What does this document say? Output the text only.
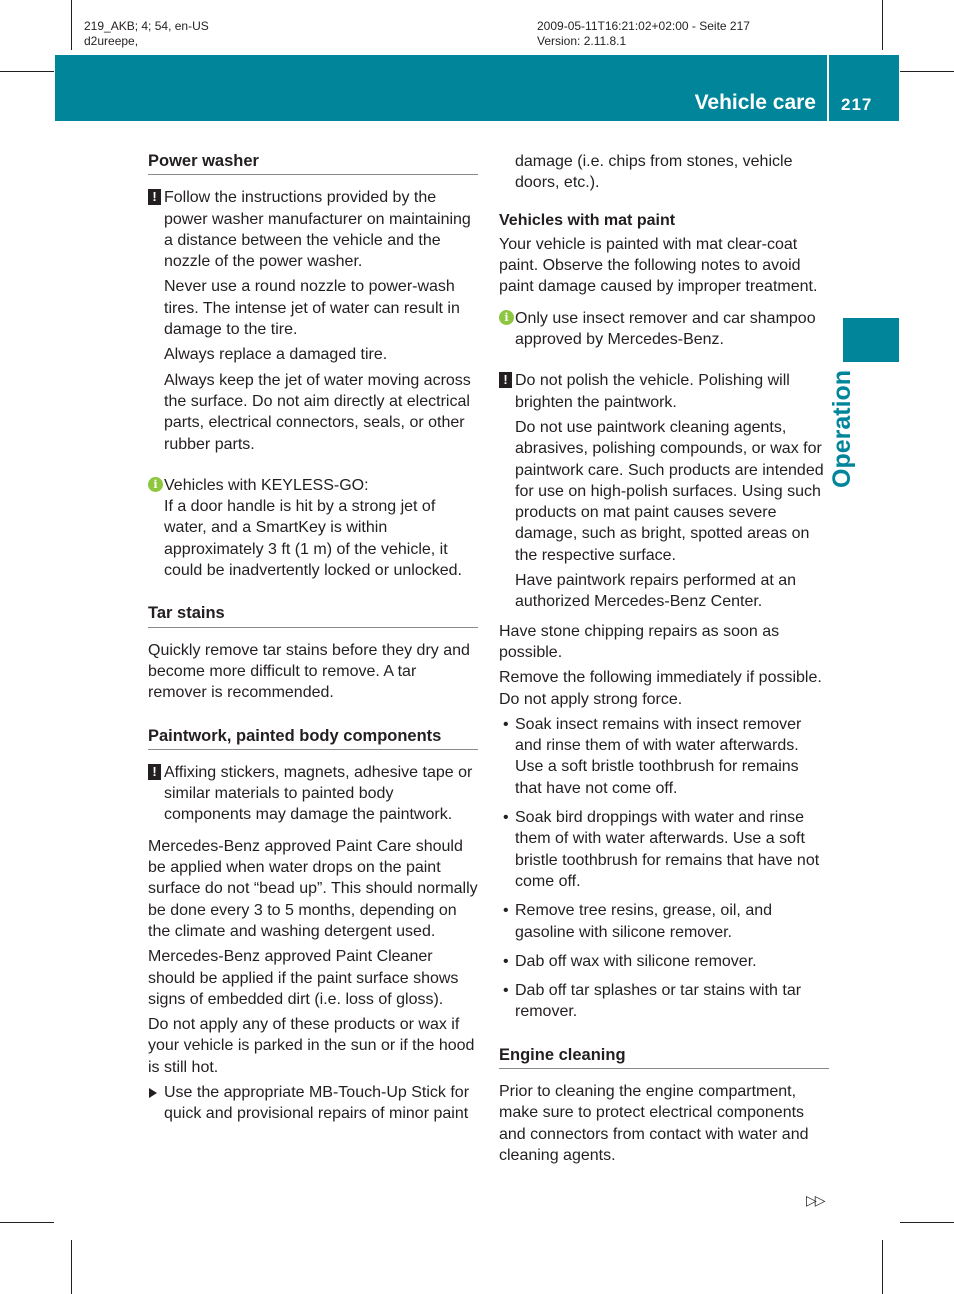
219_AKB; 4; 54, en-US
d2ureepe,
2009-05-11T16:21:02+02:00 - Seite 217
Version: 2.11.8.1
Vehicle care 217
Operation
Power washer
! Follow the instructions provided by the power washer manufacturer on maintaining a distance between the vehicle and the nozzle of the power washer.

Never use a round nozzle to power-wash tires. The intense jet of water can result in damage to the tire.

Always replace a damaged tire.

Always keep the jet of water moving across the surface. Do not aim directly at electrical parts, electrical connectors, seals, or other rubber parts.

i Vehicles with KEYLESS-GO:

If a door handle is hit by a strong jet of water, and a SmartKey is within approximately 3 ft (1 m) of the vehicle, it could be inadvertently locked or unlocked.

Tar stains

Quickly remove tar stains before they dry and become more difficult to remove. A tar remover is recommended.

Paintwork, painted body components
! Affixing stickers, magnets, adhesive tape or similar materials to painted body components may damage the paintwork.

Mercedes-Benz approved Paint Care should be applied when water drops on the paint surface do not “bead up”. This should normally be done every 3 to 5 months, depending on the climate and washing detergent used.

Mercedes-Benz approved Paint Cleaner should be applied if the paint surface shows signs of embedded dirt (i.e. loss of gloss).

Do not apply any of these products or wax if your vehicle is parked in the sun or if the hood is still hot.

Use the appropriate MB-Touch-Up Stick for quick and provisional repairs of minor paint

damage (i.e. chips from stones, vehicle doors, etc.).

Vehicles with mat paint

Your vehicle is painted with mat clear-coat paint. Observe the following notes to avoid paint damage caused by improper treatment.

i Only use insect remover and car shampoo approved by Mercedes-Benz.

! Do not polish the vehicle. Polishing will brighten the paintwork.

Do not use paintwork cleaning agents, abrasives, polishing compounds, or wax for paintwork care. Such products are intended for use on high-polish surfaces. Using such products on mat paint causes severe damage, such as bright, spotted areas on the respective surface.

Have paintwork repairs performed at an authorized Mercedes-Benz Center.

Have stone chipping repairs as soon as possible.

Remove the following immediately if possible. Do not apply strong force.

• Soak insect remains with insect remover and rinse them of with water afterwards. Use a soft bristle toothbrush for remains that have not come off.
• Soak bird droppings with water and rinse them of with water afterwards. Use a soft bristle toothbrush for remains that have not come off.
• Remove tree resins, grease, oil, and gasoline with silicone remover.
• Dab off wax with silicone remover.
• Dab off tar splashes or tar stains with tar remover.
Engine cleaning

Prior to cleaning the engine compartment, make sure to protect electrical components and connectors from contact with water and cleaning agents.

▷▷
